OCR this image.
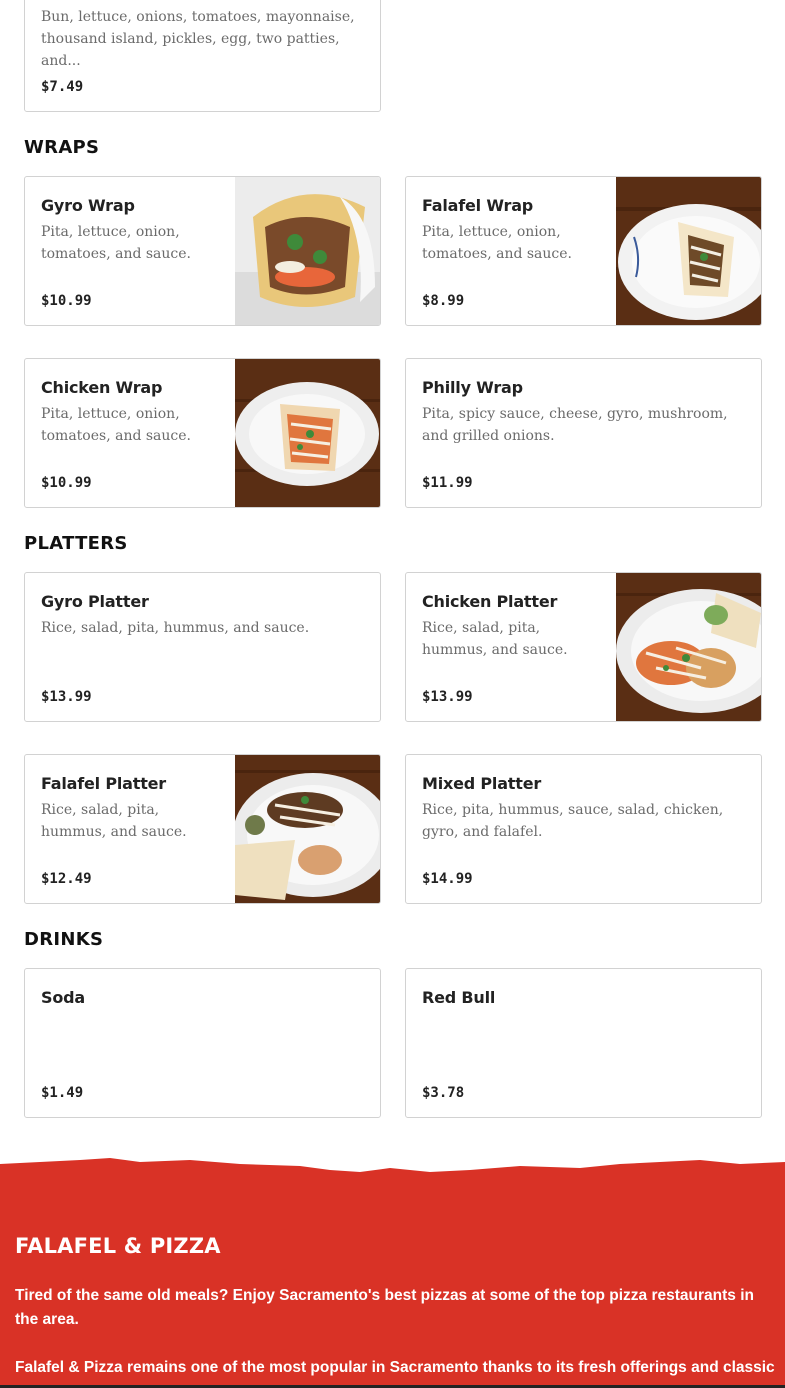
Bun, lettuce, onions, tomatoes, mayonnaise, thousand island, pickles, egg, two patties, and...
$7.49
WRAPS
Gyro Wrap
Pita, lettuce, onion, tomatoes, and sauce.
$10.99
Falafel Wrap
Pita, lettuce, onion, tomatoes, and sauce.
$8.99
Chicken Wrap
Pita, lettuce, onion, tomatoes, and sauce.
$10.99
Philly Wrap
Pita, spicy sauce, cheese, gyro, mushroom, and grilled onions.
$11.99
PLATTERS
Gyro Platter
Rice, salad, pita, hummus, and sauce.
$13.99
Chicken Platter
Rice, salad, pita, hummus, and sauce.
$13.99
Falafel Platter
Rice, salad, pita, hummus, and sauce.
$12.49
Mixed Platter
Rice, pita, hummus, sauce, salad, chicken, gyro, and falafel.
$14.99
DRINKS
Soda
$1.49
Red Bull
$3.78
FALAFEL & PIZZA
Tired of the same old meals? Enjoy Sacramento's best pizzas at some of the top pizza restaurants in the area.
Falafel & Pizza remains one of the most popular in Sacramento thanks to its fresh offerings and classic
